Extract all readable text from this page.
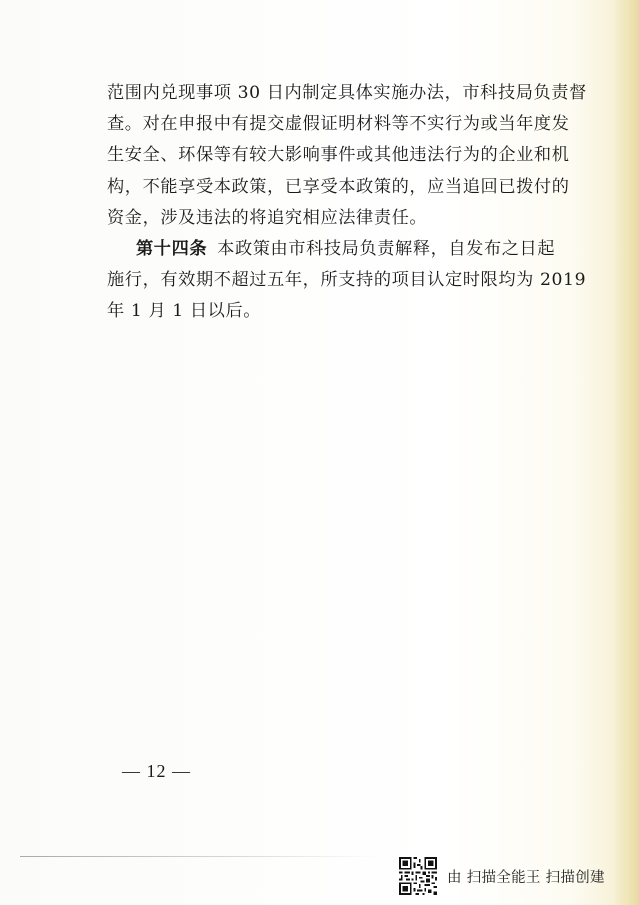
范围内兑现事项 30 日内制定具体实施办法，市科技局负责督

查。对在申报中有提交虚假证明材料等不实行为或当年度发

生安全、环保等有较大影响事件或其他违法行为的企业和机

构，不能享受本政策，已享受本政策的，应当追回已拨付的

资金，涉及违法的将追究相应法律责任。

第十四条 本政策由市科技局负责解释，自发布之日起

施行，有效期不超过五年，所支持的项目认定时限均为 2019

年 1 月 1 日以后。

— 12 —
由 扫描全能王 扫描创建
